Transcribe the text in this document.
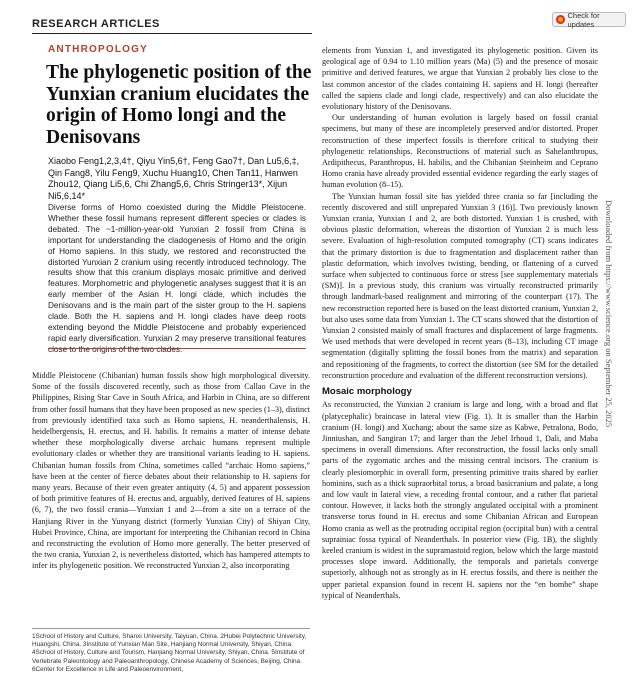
RESEARCH ARTICLES
Check for updates
ANTHROPOLOGY
The phylogenetic position of the Yunxian cranium elucidates the origin of Homo longi and the Denisovans
Xiaobo Feng1,2,3,4†, Qiyu Yin5,6†, Feng Gao7†, Dan Lu5,6,‡, Qin Fang8, Yilu Feng9, Xuchu Huang10, Chen Tan11, Hanwen Zhou12, Qiang Li5,6, Chi Zhang5,6, Chris Stringer13*, Xijun Ni5,6,14*
Diverse forms of Homo coexisted during the Middle Pleistocene. Whether these fossil humans represent different species or clades is debated. The ~1-million-year-old Yunxian 2 fossil from China is important for understanding the cladogenesis of Homo and the origin of Homo sapiens. In this study, we restored and reconstructed the distorted Yunxian 2 cranium using recently introduced technology. The results show that this cranium displays mosaic primitive and derived features. Morphometric and phylogenetic analyses suggest that it is an early member of the Asian H. longi clade, which includes the Denisovans and is the main part of the sister group to the H. sapiens clade. Both the H. sapiens and H. longi clades have deep roots extending beyond the Middle Pleistocene and probably experienced rapid early diversification. Yunxian 2 may preserve transitional features close to the origins of the two clades.
Middle Pleistocene (Chibanian) human fossils show high morphological diversity. Some of the fossils discovered recently, such as those from Callao Cave in the Philippines, Rising Star Cave in South Africa, and Harbin in China, are so different from other fossil humans that they have been proposed as new species (1–3), distinct from previously identified taxa such as Homo sapiens, H. neanderthalensis, H. heidelbergensis, H. erectus, and H. habilis. It remains a matter of intense debate whether these morphologically diverse archaic humans represent multiple evolutionary clades or whether they are transitional variants leading to H. sapiens. Chibanian human fossils from China, sometimes called “archaic Homo sapiens,” have been at the center of fierce debates about their relationship to H. sapiens for many years. Because of their even greater antiquity (4, 5) and apparent possession of both primitive features of H. erectus and, arguably, derived features of H. sapiens (6, 7), the two fossil crania—Yunxian 1 and 2—from a site on a terrace of the Hanjiang River in the Yunyang district (formerly Yunxian City) of Shiyan City, Hubei Province, China, are important for interpreting the Chibanian record in China and reconstructing the evolution of Homo more generally. The better preserved of the two crania, Yunxian 2, is nevertheless distorted, which has hampered attempts to infer its phylogenetic position. We reconstructed Yunxian 2, also incorporating
1School of History and Culture, Shanxi University, Taiyuan, China. 2Hubei Polytechnic University, Huangshi, China. 3Institute of Yunxian Man Site, Hanjiang Normal University, Shiyan, China. 4School of History, Culture and Tourism, Hanjiang Normal University, Shiyan, China. 5Institute of Vertebrate Paleontology and Paleoanthropology, Chinese Academy of Sciences, Beijing, China. 6Center for Excellence in Life and Paleoenvironment,

elements from Yunxian 1, and investigated its phylogenetic position. Given its geological age of 0.94 to 1.10 million years (Ma) (5) and the presence of mosaic primitive and derived features, we argue that Yunxian 2 probably lies close to the last common ancestor of the clades containing H. sapiens and H. longi (hereafter called the sapiens clade and longi clade, respectively) and can also elucidate the evolutionary history of the Denisovans.

Our understanding of human evolution is largely based on fossil cranial specimens, but many of these are incompletely preserved and/or distorted. Proper reconstruction of these imperfect fossils is therefore critical to studying their phylogenetic relationships. Reconstructions of material such as Sahelanthropus, Ardipithecus, Paranthropus, H. habilis, and the Chibanian Steinheim and Ceprano Homo crania have already provided essential evidence regarding the early stages of human evolution (8–15).

The Yunxian human fossil site has yielded three crania so far [including the recently discovered and still unprepared Yunxian 3 (16)]. Two previously known Yunxian crania, Yunxian 1 and 2, are both distorted. Yunxian 1 is crushed, with obvious plastic deformation, whereas the distortion of Yunxian 2 is much less severe. Evaluation of high-resolution computed tomography (CT) scans indicates that the primary distortion is due to fragmentation and displacement rather than plastic deformation, which involves twisting, bending, or flattening of a curved surface when subjected to continuous force or stress [see supplementary materials (SM)]. In a previous study, this cranium was virtually reconstructed primarily through landmark-based realignment and mirroring of the counterpart (17). The new reconstruction reported here is based on the least distorted cranium, Yunxian 2, but also uses some data from Yunxian 1. The CT scans showed that the distortion of Yunxian 2 consisted mainly of small fractures and displacement of large fragments. We used methods that were developed in recent years (8–13), including CT image segmentation (digitally splitting the fossil bones from the matrix) and separation and repositioning of the fragments, to correct the distortion (see SM for the detailed reconstruction procedure and evaluation of the different reconstruction versions).

Mosaic morphology

As reconstructed, the Yunxian 2 cranium is large and long, with a broad and flat (platycephalic) braincase in lateral view (Fig. 1). It is smaller than the Harbin cranium (H. longi) and Xuchang; about the same size as Kabwe, Petralona, Bodo, Jinniushan, and Sangiran 17; and larger than the Jebel Irhoud 1, Dali, and Maba specimens in overall dimensions. After reconstruction, the fossil lacks only small parts of the zygomatic arches and the missing central incisors. The cranium is clearly plesiomorphic in overall form, presenting primitive traits shared by earlier hominins, such as a thick supraorbital torus, a broad basicranium and palate, a long and low vault in lateral view, a receding frontal contour, and a rather flat parietal contour. However, it lacks both the strongly angulated occipital with a prominent transverse torus found in H. erectus and some Chibanian African and European Homo crania as well as the protruding occipital region (occipital bun) with a central suprainiac fossa typical of Neanderthals. In posterior view (Fig. 1B), the slightly keeled cranium is widest in the supramastoid region, below which the large mastoid processes slope inward. Additionally, the temporals and parietals converge superiorly, although not as strongly as in H. erectus fossils, and there is neither the upper parietal expansion found in recent H. sapiens nor the “en bombe” shape typical of Neanderthals.

Downloaded from https://www.science.org on September 25, 2025
